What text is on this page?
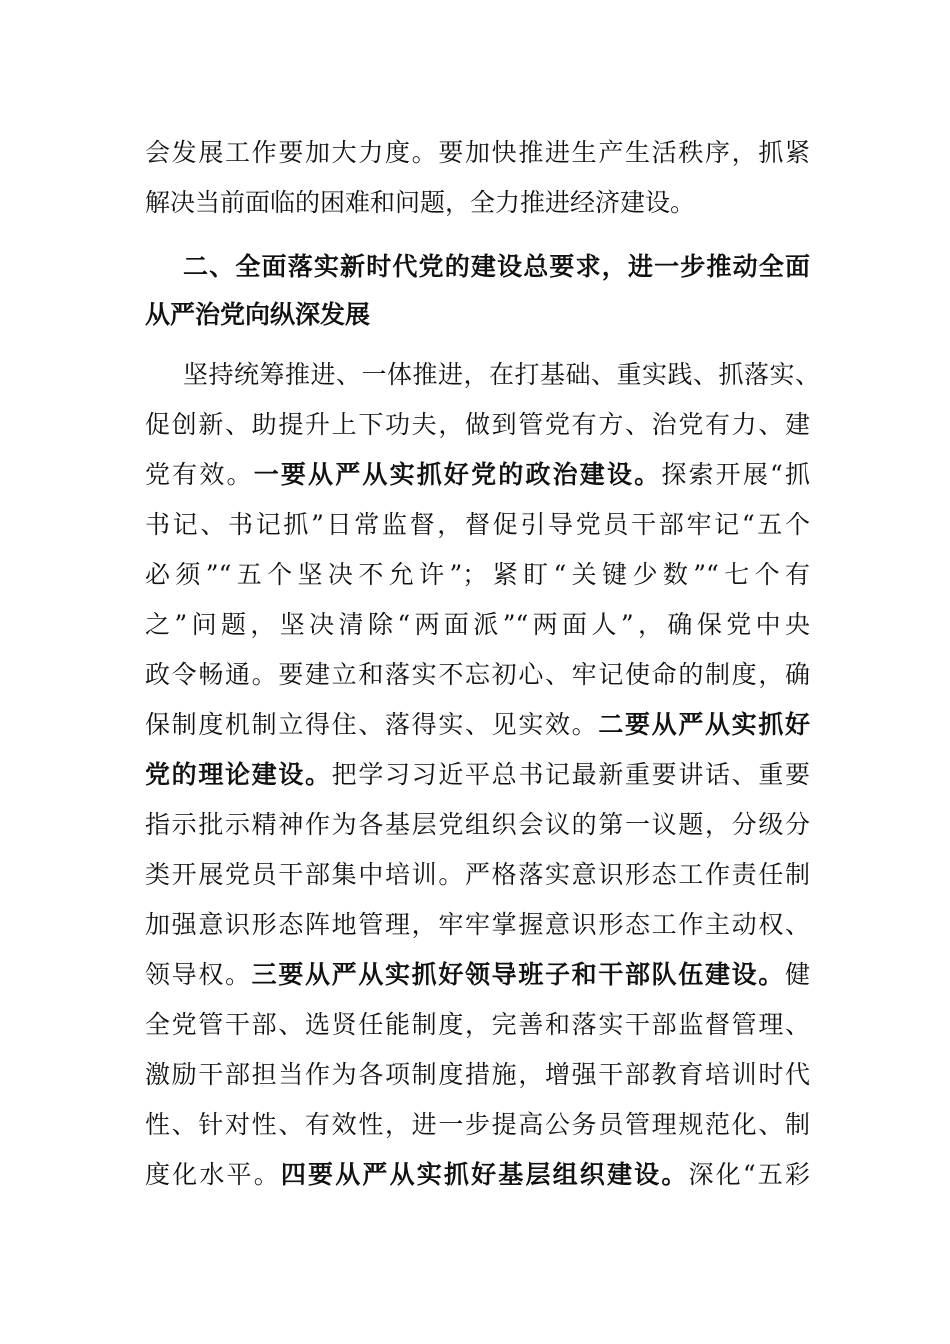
会发展工作要加大力度。要加快推进生产生活秩序，抓紧
解决当前面临的困难和问题，全力推进经济建设。
二、全面落实新时代党的建设总要求，进一步推动全面
从严治党向纵深发展
坚持统筹推进、一体推进，在打基础、重实践、抓落实、
促创新、助提升上下功夫，做到管党有方、治党有力、建
党有效。一要从严从实抓好党的政治建设。探索开展“抓
书记、书记抓”日常监督，督促引导党员干部牢记“五个
必须”“五个坚决不允许”；紧盯“关键少数”“七个有
之”问题，坚决清除“两面派”“两面人”，确保党中央
政令畅通。要建立和落实不忘初心、牢记使命的制度，确
保制度机制立得住、落得实、见实效。二要从严从实抓好
党的理论建设。把学习习近平总书记最新重要讲话、重要
指示批示精神作为各基层党组织会议的第一议题，分级分
类开展党员干部集中培训。严格落实意识形态工作责任制
加强意识形态阵地管理，牢牢掌握意识形态工作主动权、
领导权。三要从严从实抓好领导班子和干部队伍建设。健
全党管干部、选贤任能制度，完善和落实干部监督管理、
激励干部担当作为各项制度措施，增强干部教育培训时代
性、针对性、有效性，进一步提高公务员管理规范化、制
度化水平。四要从严从实抓好基层组织建设。深化“五彩
